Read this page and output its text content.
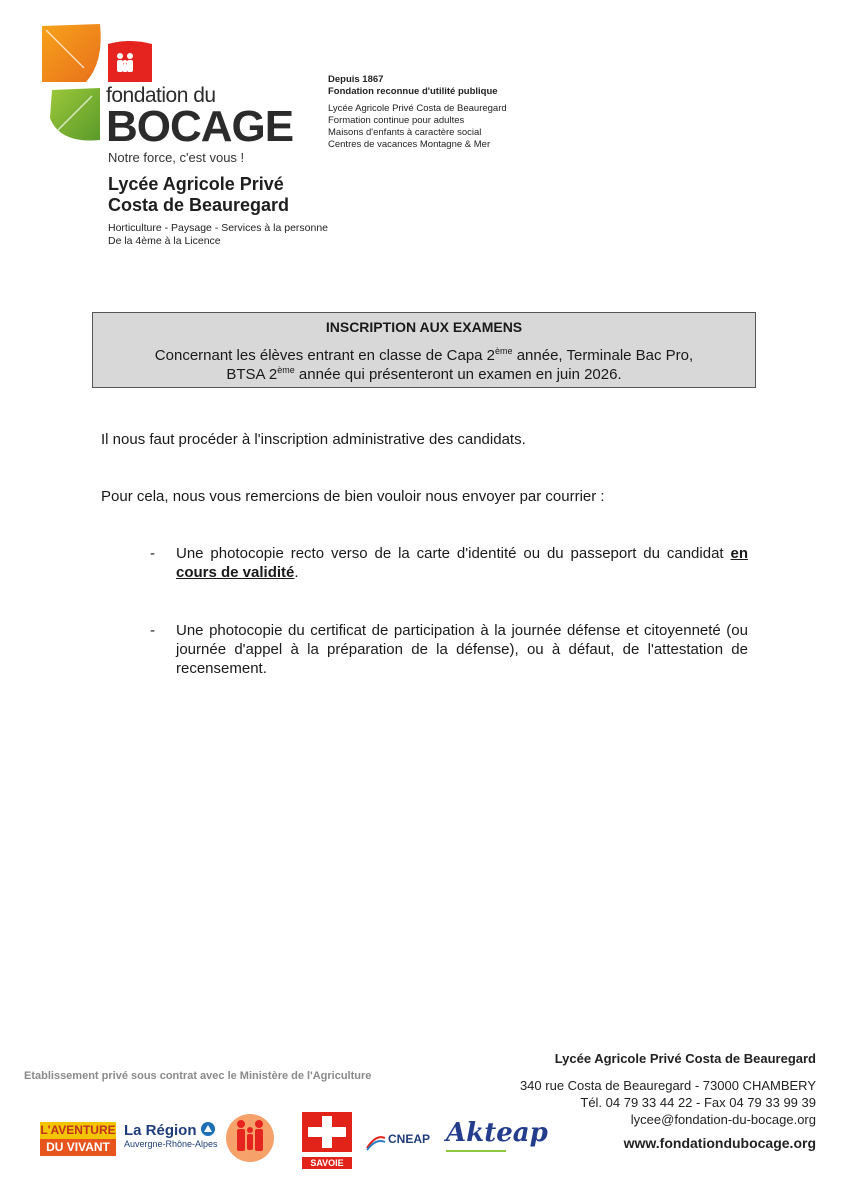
fondation du
BOCAGE
Notre force, c'est vous !
Depuis 1867
Fondation reconnue d'utilité publique
Lycée Agricole Privé Costa de Beauregard
Formation continue pour adultes
Maisons d'enfants à caractère social
Centres de vacances Montagne & Mer
Lycée Agricole Privé
Costa de Beauregard
Horticulture - Paysage - Services à la personne
De la 4ème à la Licence
INSCRIPTION AUX EXAMENS
Concernant les élèves entrant en classe de Capa 2ème année, Terminale Bac Pro,
BTSA 2ème année qui présenteront un examen en juin 2026.
Il nous faut procéder à l'inscription administrative des candidats.
Pour cela, nous vous remercions de bien vouloir nous envoyer par courrier :
- Une photocopie recto verso de la carte d'identité ou du passeport du candidat en cours de validité.
- Une photocopie du certificat de participation à la journée défense et citoyenneté (ou journée d'appel à la préparation de la défense), ou à défaut, de l'attestation de recensement.
Etablissement privé sous contrat avec le Ministère de l'Agriculture
Lycée Agricole Privé Costa de Beauregard
340 rue Costa de Beauregard - 73000 CHAMBERY
Tél. 04 79 33 44 22 - Fax 04 79 33 99 39
lycee@fondation-du-bocage.org
www.fondationdubocage.org
L'AVENTURE
DU VIVANT
La Région
Auvergne-Rhône-Alpes
SAVOIE
CNEAP Akteap
